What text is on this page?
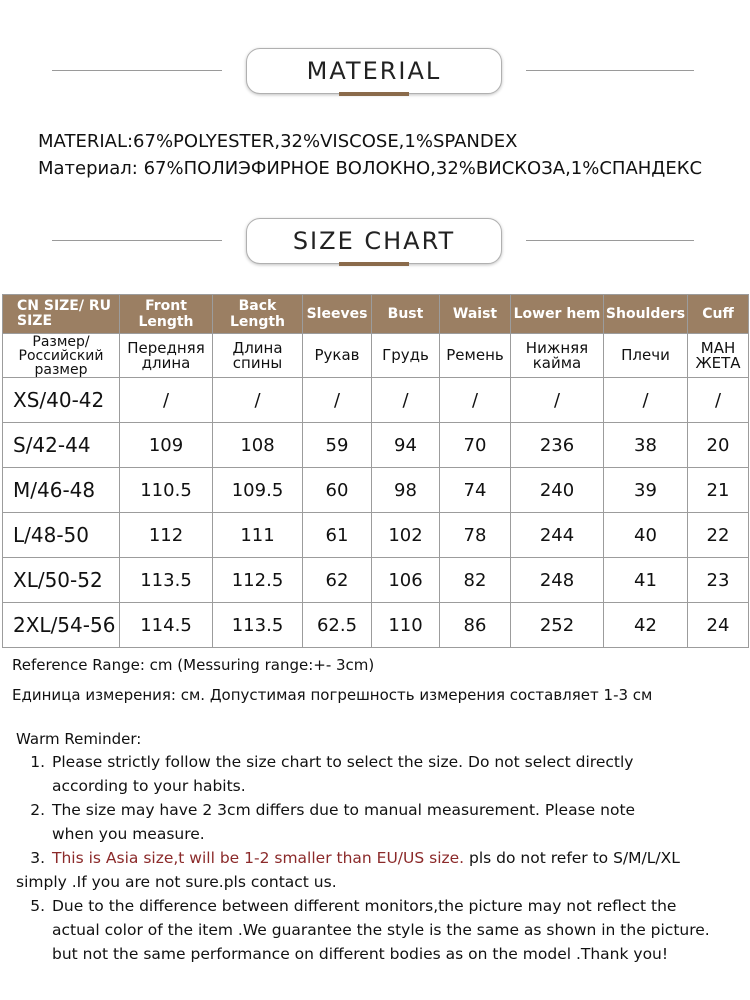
MATERIAL
MATERIAL:67%POLYESTER,32%VISCOSE,1%SPANDEX
Материал: 67%ПОЛИЭФИРНОЕ ВОЛОКНО,32%ВИСКОЗА,1%СПАНДЕКС
SIZE CHART
CN SIZE/ RU SIZE	Front Length	Back Length	Sleeves	Bust	Waist	Lower hem	Shoulders	Cuff
Размер/ Российский размер	Передняя длина	Длина спины	Рукав	Грудь	Ремень	Нижняя кайма	Плечи	МАН ЖЕТА
XS/40-42	/	/	/	/	/	/	/	/
S/42-44	109	108	59	94	70	236	38	20
M/46-48	110.5	109.5	60	98	74	240	39	21
L/48-50	112	111	61	102	78	244	40	22
XL/50-52	113.5	112.5	62	106	82	248	41	23
2XL/54-56	114.5	113.5	62.5	110	86	252	42	24
Reference Range: cm (Messuring range:+- 3cm)
Единица измерения: см. Допустимая погрешность измерения составляет 1-3 см
Warm Reminder:
1. Please strictly follow the size chart to select the size. Do not select directly
according to your habits.
2. The size may have 2 3cm differs due to manual measurement. Please note
when you measure.
3. This is Asia size,t will be 1-2 smaller than EU/US size. pls do not refer to S/M/L/XL
simply .If you are not sure.pls contact us.
5. Due to the difference between different monitors,the picture may not reflect the
actual color of the item .We guarantee the style is the same as shown in the picture.
but not the same performance on different bodies as on the model .Thank you!
